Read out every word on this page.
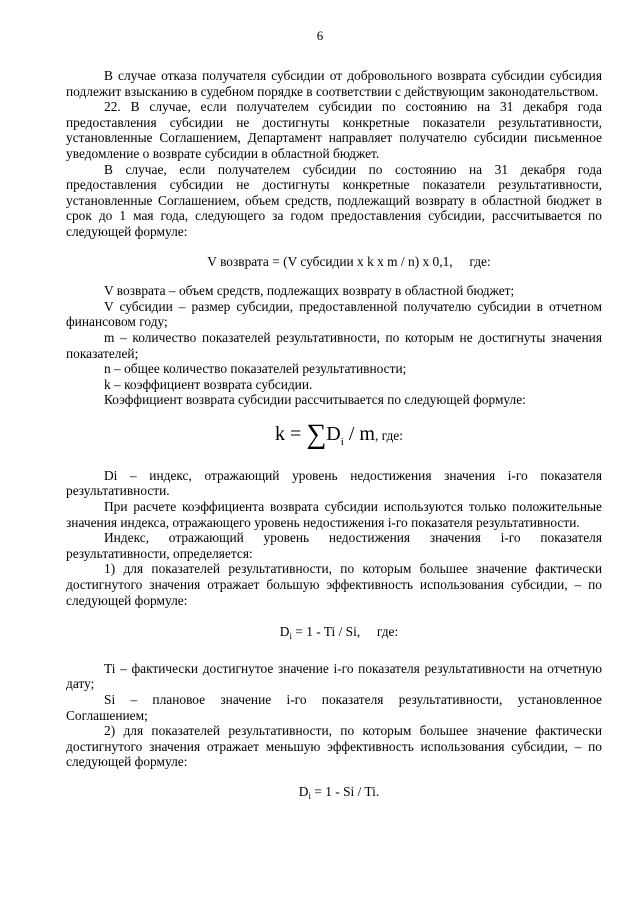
6

В случае отказа получателя субсидии от добровольного возврата субсидии субсидия подлежит взысканию в судебном порядке в соответствии с действующим законодательством.

22. В случае, если получателем субсидии по состоянию на 31 декабря года предоставления субсидии не достигнуты конкретные показатели результативности, установленные Соглашением, Департамент направляет получателю субсидии письменное уведомление о возврате субсидии в областной бюджет.

В случае, если получателем субсидии по состоянию на 31 декабря года предоставления субсидии не достигнуты конкретные показатели результативности, установленные Соглашением, объем средств, подлежащий возврату в областной бюджет в срок до 1 мая года, следующего за годом предоставления субсидии, рассчитывается по следующей формуле:

V возврата = (V субсидии x k x m / n) x 0,1,     где:

V возврата – объем средств, подлежащих возврату в областной бюджет;

V субсидии – размер субсидии, предоставленной получателю субсидии в отчетном финансовом году;

m – количество показателей результативности, по которым не достигнуты значения показателей;

n – общее количество показателей результативности;

k – коэффициент возврата субсидии.

Коэффициент возврата субсидии рассчитывается по следующей формуле:

$k = \sum D_i / m$, где:

Di – индекс, отражающий уровень недостижения значения i-го показателя результативности.

При расчете коэффициента возврата субсидии используются только положительные значения индекса, отражающего уровень недостижения i-го показателя результативности.

Индекс, отражающий уровень недостижения значения i-го показателя результативности, определяется:

1) для показателей результативности, по которым большее значение фактически достигнутого значения отражает большую эффективность использования субсидии, – по следующей формуле:

$D_i = 1 - Ti / Si$,     где:

Ti – фактически достигнутое значение i-го показателя результативности на отчетную дату;

Si – плановое значение i-го показателя результативности, установленное Соглашением;

2) для показателей результативности, по которым большее значение фактически достигнутого значения отражает меньшую эффективность использования субсидии, – по следующей формуле:

$D_i = 1 - Si / Ti$.
